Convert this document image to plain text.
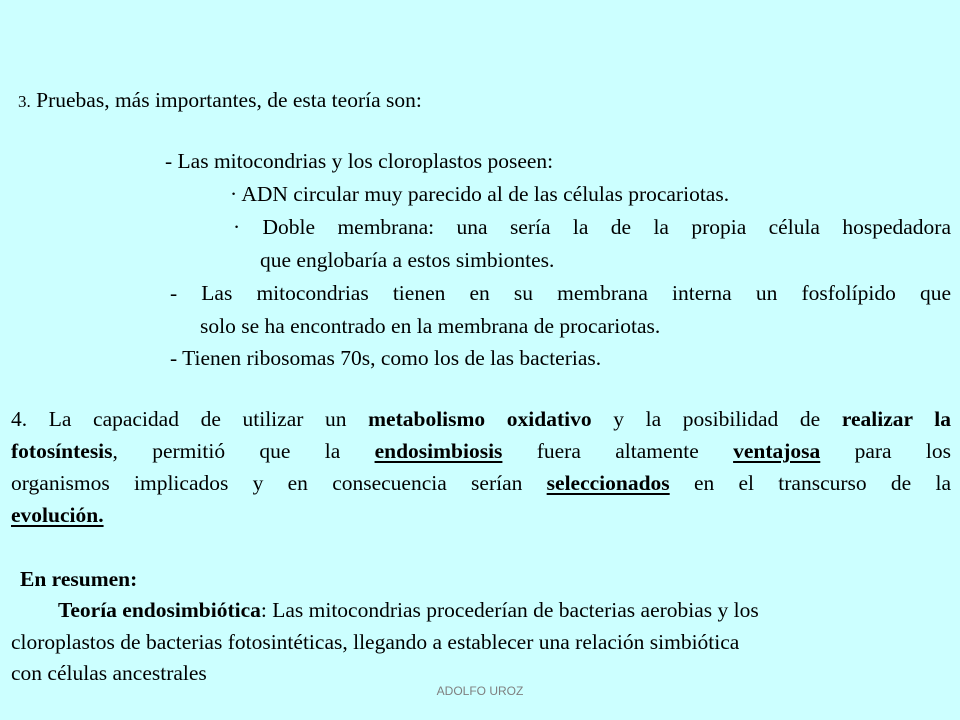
3. Pruebas, más importantes, de esta teoría son:
- Las mitocondrias y los cloroplastos poseen:
· ADN circular muy parecido al de las células procariotas.
· Doble membrana: una sería la de la propia célula hospedadora
que englobaría a estos simbiontes.
- Las mitocondrias tienen en su membrana interna un fosfolípido que
solo se ha encontrado en la membrana de procariotas.
- Tienen ribosomas 70s, como los de las bacterias.
4. La capacidad de utilizar un metabolismo oxidativo y la posibilidad de realizar la
fotosíntesis, permitió que la endosimbiosis fuera altamente ventajosa para los
organismos implicados y en consecuencia serían seleccionados en el transcurso de la
evolución.
En resumen:
Teoría endosimbiótica: Las mitocondrias procederían de bacterias aerobias y los
cloroplastos de bacterias fotosintéticas, llegando a establecer una relación simbiótica
con células ancestrales
ADOLFO UROZ
